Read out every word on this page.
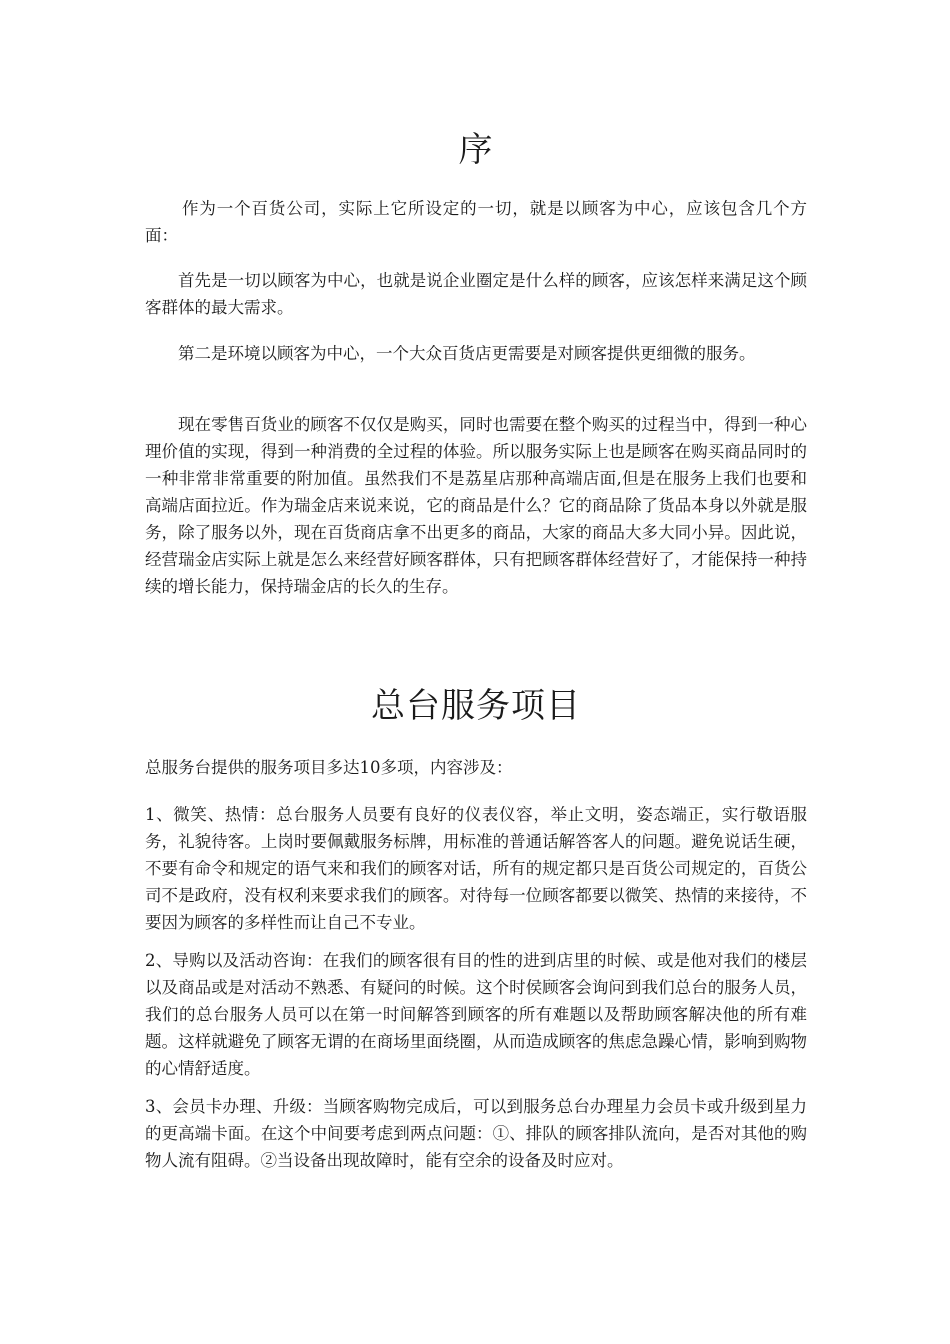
序

作为一个百货公司，实际上它所设定的一切，就是以顾客为中心，应该包含几个方面：

首先是一切以顾客为中心，也就是说企业圈定是什么样的顾客，应该怎样来满足这个顾客群体的最大需求。

第二是环境以顾客为中心，一个大众百货店更需要是对顾客提供更细微的服务。

现在零售百货业的顾客不仅仅是购买，同时也需要在整个购买的过程当中，得到一种心理价值的实现，得到一种消费的全过程的体验。所以服务实际上也是顾客在购买商品同时的一种非常非常重要的附加值。虽然我们不是荔星店那种高端店面,但是在服务上我们也要和高端店面拉近。作为瑞金店来说来说，它的商品是什么？它的商品除了货品本身以外就是服务，除了服务以外，现在百货商店拿不出更多的商品，大家的商品大多大同小异。因此说，经营瑞金店实际上就是怎么来经营好顾客群体，只有把顾客群体经营好了，才能保持一种持续的增长能力，保持瑞金店的长久的生存。

总台服务项目

总服务台提供的服务项目多达10多项，内容涉及：

1、微笑、热情：总台服务人员要有良好的仪表仪容，举止文明，姿态端正，实行敬语服务，礼貌待客。上岗时要佩戴服务标牌，用标准的普通话解答客人的问题。避免说话生硬，不要有命令和规定的语气来和我们的顾客对话，所有的规定都只是百货公司规定的，百货公司不是政府，没有权利来要求我们的顾客。对待每一位顾客都要以微笑、热情的来接待，不要因为顾客的多样性而让自己不专业。

2、导购以及活动咨询：在我们的顾客很有目的性的进到店里的时候、或是他对我们的楼层以及商品或是对活动不熟悉、有疑问的时候。这个时侯顾客会询问到我们总台的服务人员，我们的总台服务人员可以在第一时间解答到顾客的所有难题以及帮助顾客解决他的所有难题。这样就避免了顾客无谓的在商场里面绕圈，从而造成顾客的焦虑急躁心情，影响到购物的心情舒适度。

3、会员卡办理、升级：当顾客购物完成后，可以到服务总台办理星力会员卡或升级到星力的更高端卡面。在这个中间要考虑到两点问题：①、排队的顾客排队流向，是否对其他的购物人流有阻碍。②当设备出现故障时，能有空余的设备及时应对。
